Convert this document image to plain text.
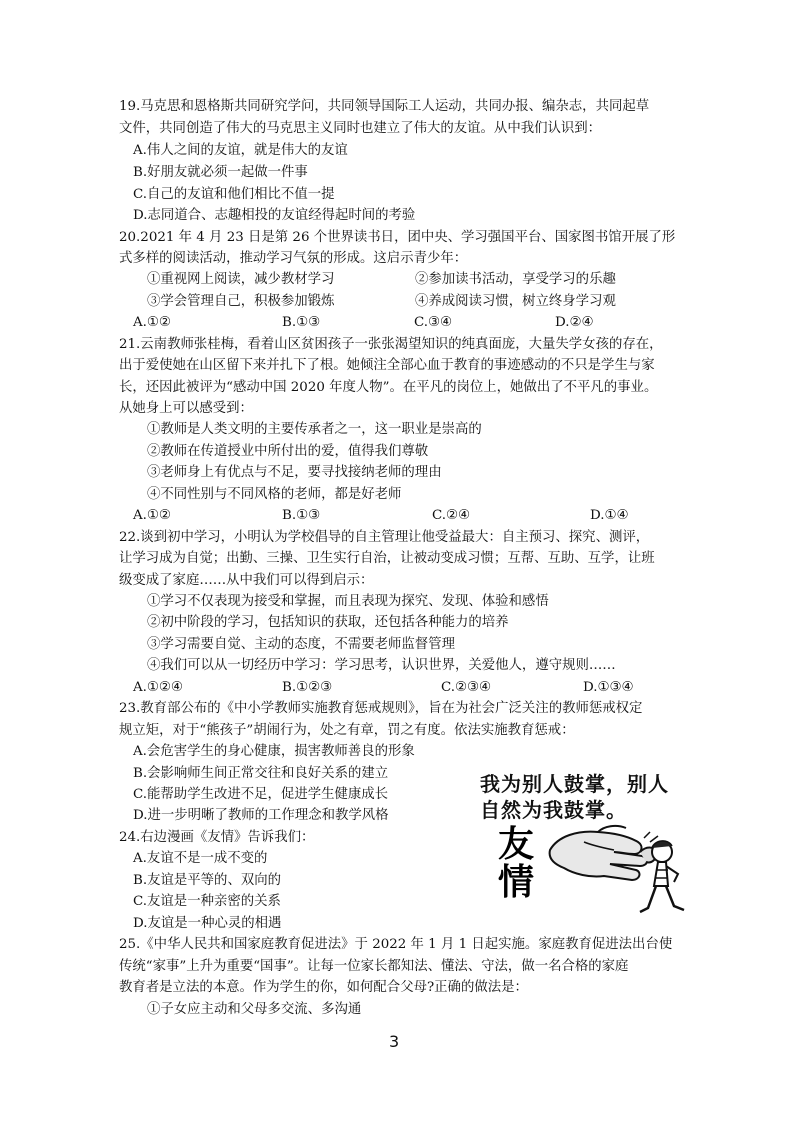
19.马克思和恩格斯共同研究学问，共同领导国际工人运动，共同办报、编杂志，共同起草
文件，共同创造了伟大的马克思主义同时也建立了伟大的友谊。从中我们认识到：
A.伟人之间的友谊，就是伟大的友谊
B.好朋友就必须一起做一件事
C.自己的友谊和他们相比不值一提
D.志同道合、志趣相投的友谊经得起时间的考验
20.2021 年 4 月 23 日是第 26 个世界读书日，团中央、学习强国平台、国家图书馆开展了形
式多样的阅读活动，推动学习气氛的形成。这启示青少年：
①重视网上阅读，减少教材学习	②参加读书活动，享受学习的乐趣
③学会管理自己，积极参加锻炼	④养成阅读习惯，树立终身学习观
A.①②	B.①③	C.③④	D.②④
21.云南教师张桂梅，看着山区贫困孩子一张张渴望知识的纯真面庞，大量失学女孩的存在，
出于爱使她在山区留下来并扎下了根。她倾注全部心血于教育的事迹感动的不只是学生与家
长，还因此被评为“感动中国 2020 年度人物”。在平凡的岗位上，她做出了不平凡的事业。
从她身上可以感受到：
①教师是人类文明的主要传承者之一，这一职业是崇高的
②教师在传道授业中所付出的爱，值得我们尊敬
③老师身上有优点与不足，要寻找接纳老师的理由
④不同性别与不同风格的老师，都是好老师
A.①②	B.①③	C.②④	D.①④
22.谈到初中学习，小明认为学校倡导的自主管理让他受益最大：自主预习、探究、测评，
让学习成为自觉；出勤、三操、卫生实行自治，让被动变成习惯；互帮、互助、互学，让班
级变成了家庭……从中我们可以得到启示：
①学习不仅表现为接受和掌握，而且表现为探究、发现、体验和感悟
②初中阶段的学习，包括知识的获取，还包括各种能力的培养
③学习需要自觉、主动的态度，不需要老师监督管理
④我们可以从一切经历中学习：学习思考，认识世界，关爱他人，遵守规则……
A.①②④	B.①②③	C.②③④	D.①③④
23.教育部公布的《中小学教师实施教育惩戒规则》，旨在为社会广泛关注的教师惩戒权定
规立矩，对于“熊孩子”胡闹行为，处之有章，罚之有度。依法实施教育惩戒：
A.会危害学生的身心健康，损害教师善良的形象
B.会影响师生间正常交往和良好关系的建立
C.能帮助学生改进不足，促进学生健康成长
D.进一步明晰了教师的工作理念和教学风格
24.右边漫画《友情》告诉我们：
A.友谊不是一成不变的
B.友谊是平等的、双向的
C.友谊是一种亲密的关系
D.友谊是一种心灵的相遇
我为别人鼓掌，别人
自然为我鼓掌。
友
情
25.《中华人民共和国家庭教育促进法》于 2022 年 1 月 1 日起实施。家庭教育促进法出台使
传统“家事”上升为重要“国事”。让每一位家长都知法、懂法、守法，做一名合格的家庭
教育者是立法的本意。作为学生的你，如何配合父母?正确的做法是：
①子女应主动和父母多交流、多沟通
3
